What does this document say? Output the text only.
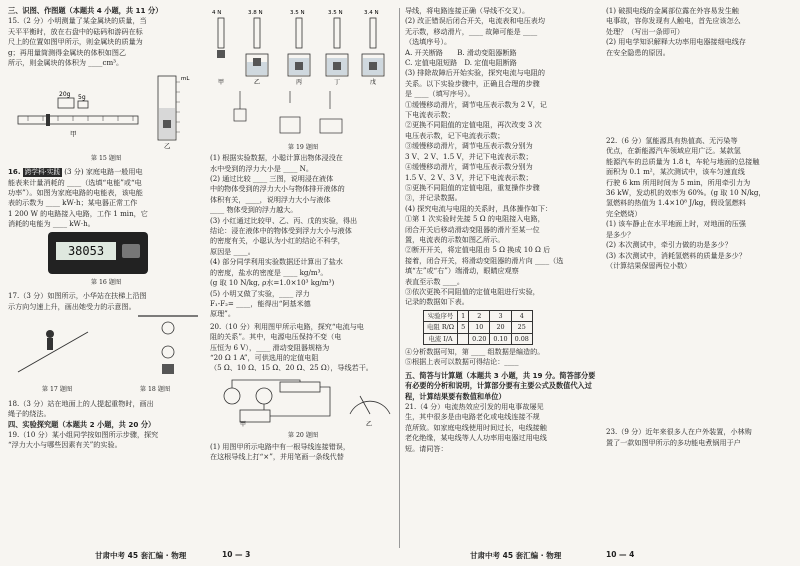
三、识图、作图题（本题共 4 小题，共 11 分）

15.（2 分）小明测量了某金属块的质量，当

天平平衡时，放在右盘中的砝码和游码在标

尺上的位置如图甲所示，则金属块的质量为

g；再用量筒测得金属块的体积如图乙

所示，则金属块的体积为 ____cm³。

20g 5g
甲
mL
乙

第 15 题图

16. 跨学科·实践 (3 分) 家庭电路一般用电

能表来计量消耗的 ____（选填“电能”或“电

功率”）。如图为家庭电路的电能表，该电能

表的示数为 ____ kW·h；某电器正常工作

1 200 W 的电路接入电路，工作 1 min，它

消耗的电能为 ____ kW·h。

38053

第 16 题图

17.（3 分）如图所示，小华站在扶梯上沿图

示方向匀速上升，画出她受力的示意图。

第 17 题图	第 18 题图

18.（3 分）站在地面上的人提起重物时，画出

绳子的绕法。

四、实验探究题（本题共 2 小题，共 20 分）

19.（10 分）某小组同学按如图所示步骤，探究

“浮力大小与哪些因素有关”的实验。

4 N	3.8 N	3.5 N	3.5 N	3.4 N
甲	乙	丙	丁	戊

第 19 题图

(1) 根据实验数据，小聪计算出物体浸没在

水中受到的浮力大小是 ____ N。

(2) 通过比较 ____ 三图，说明浸在液体

中的物体受到的浮力大小与物体排开液体的

体积有关，____，说明浮力大小与液体

____ 物体受到的浮力越大。

(3) 小红通过比较甲、乙、丙、戊的实验，得出

结论：浸在液体中的物体受到浮力大小与液体

的密度有关，小聪认为小红的结论不科学，

原因是 ____。

(4) 部分同学利用实验数据还计算出了盐水

的密度，盐水的密度是 ____ kg/m³。

(g 取 10 N/kg, ρ水=1.0×10³ kg/m³)

(5) 小明又做了实验，____ 浮力

F₁-F₂= ____，能得出“阿基米德

原理”。

20.（10 分）利用图甲所示电路，探究“电流与电

阻的关系”。其中，电源电压保持不变（电

压恒为 6 V），____ 滑动变阻器规格为

“20 Ω 1 A”，可供选用的定值电阻

（5 Ω、10 Ω、15 Ω、20 Ω、25 Ω），导线若干。

甲	乙

第 20 题图

(1) 用图甲所示电路中有一根导线连接错误，

在这根导线上打“×”，并用笔画一条线代替

导线，将电路连接正确（导线不交叉）。

(2) 改正错误后闭合开关，电流表和电压表均

无示数，移动滑片，____ 故障可能是 ____

（选填序号）。

A. 开关断路　　B. 滑动变阻器断路

C. 定值电阻短路　D. 定值电阻断路

(3) 排除故障后开始实验，探究电流与电阻的

关系。以下实验步骤中，正确且合理的步骤

是 ____（填写序号）。

①缓慢移动滑片，调节电压表示数为 2 V，记

下电流表示数；

②更换不同阻值的定值电阻，再次改变 3 次

电压表示数，记下电流表示数；

③缓慢移动滑片，调节电压表示数分别为

3 V、2 V、1.5 V，并记下电流表示数；

④缓慢移动滑片，调节电压表示数分别为

1.5 V、2 V、3 V，并记下电流表示数；

⑤更换不同阻值的定值电阻，重复操作步骤

③，并记录数据。

(4) 探究电流与电阻的关系时，具体操作如下：

①第 1 次实验时先接 5 Ω 的电阻接入电路，

闭合开关后移动滑动变阻器的滑片至某一位

置，电流表的示数如图乙所示。

②断开开关，将定值电阻由 5 Ω 换成 10 Ω 后

接着，闭合开关，将滑动变阻器的滑片向 ____（选

填“左”或“右”）端滑动，眼睛应观察

表直至示数 ____。

③依次更换不同阻值的定值电阻进行实验，

记录的数据如下表。

实验序号	1	2	3	4
电阻 R/Ω	5	10	20	25
电流 I/A		0.20	0.10	0.08

④分析数据可知，第 ____ 组数据是编造的。

⑤根据上表可以数据可得结论：____

五、简答与计算题（本题共 3 小题，共 19 分。简答部分要有必要的分析和说明，计算部分要有主要公式及数值代入过程，计算结果要有数值和单位）

21.（4 分）电流热效应引发的用电事故屡见

生，其中很多是由电路老化或电线连接不规

范所致。如家庭电线使用时间过长，电线接触

老化绝缘，某电线等人人功率用电器过用电线

短。请同答：

(1) 破损电线的金属部位露在外容易发生触

电事故，容你发现有人触电，首先应该怎么

处理？（写出一条即可）

(2) 用电学知识解释大功率用电器接细电线存

在安全隐患的原因。

22.（6 分）氢能源具有热值高、无污染等

优点，在新能源汽车领域应用广泛。某款氢

能源汽车的总质量为 1.8 t，车轮与地面的总接触

面积为 0.1 m²，某次测试中，该车匀速直线

行驶 6 km 所用时间为 5 min，所用牵引力为

36 kW，发动机的效率为 60%。(g 取 10 N/kg，

氢燃料的热值为 1.4×10⁸ J/kg，假设氢燃料

完全燃烧）

(1) 该车静止在水平地面上时，对地面的压强

是多少？

(2) 本次测试中，牵引力做的功是多少？

(3) 本次测试中，消耗氢燃料的质量是多少？

（计算结果保留两位小数）

23.（9 分）近年来很多人在户外装置，小林购

置了一款如图甲所示的多功能电煮锅用于户

甘肃中考 45 套汇编 · 物理	10 — 3	甘肃中考 45 套汇编 · 物理	10 — 4
